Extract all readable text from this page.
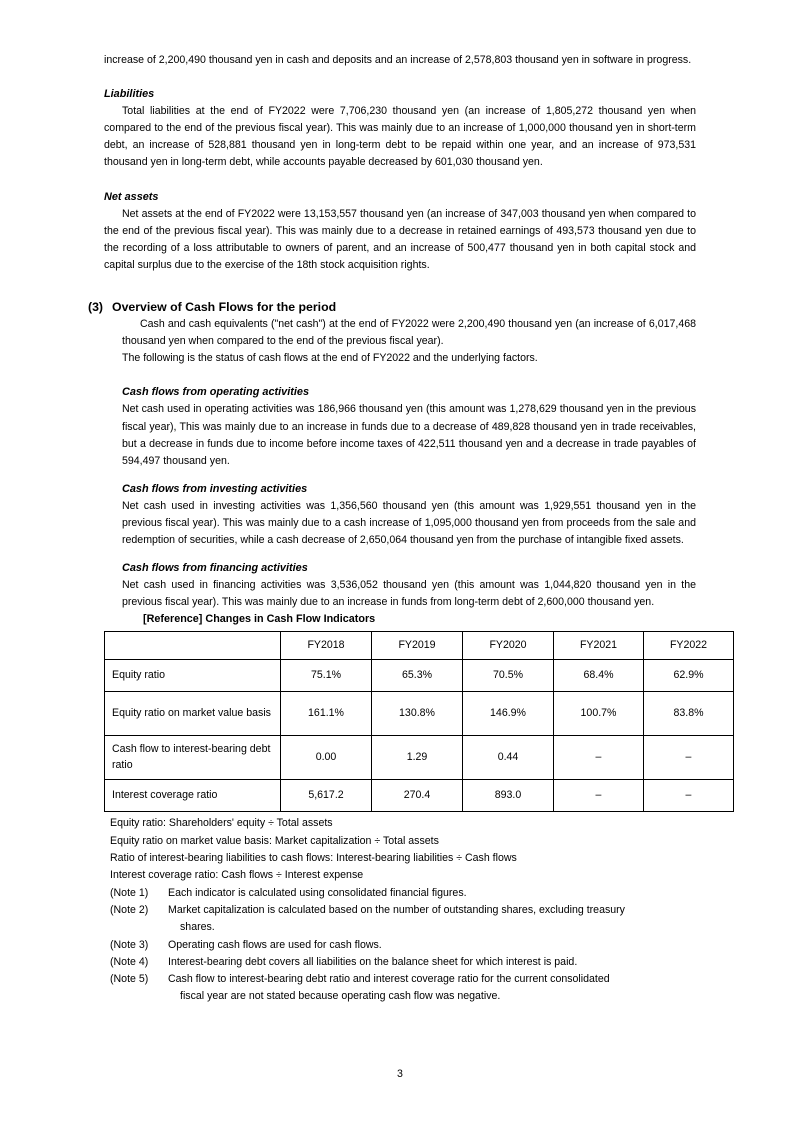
increase of 2,200,490 thousand yen in cash and deposits and an increase of 2,578,803 thousand yen in software in progress.

Liabilities

Total liabilities at the end of FY2022 were 7,706,230 thousand yen (an increase of 1,805,272 thousand yen when compared to the end of the previous fiscal year). This was mainly due to an increase of 1,000,000 thousand yen in short-term debt, an increase of 528,881 thousand yen in long-term debt to be repaid within one year, and an increase of 973,531 thousand yen in long-term debt, while accounts payable decreased by 601,030 thousand yen.

Net assets

Net assets at the end of FY2022 were 13,153,557 thousand yen (an increase of 347,003 thousand yen when compared to the end of the previous fiscal year). This was mainly due to a decrease in retained earnings of 493,573 thousand yen due to the recording of a loss attributable to owners of parent, and an increase of 500,477 thousand yen in both capital stock and capital surplus due to the exercise of the 18th stock acquisition rights.

(3) Overview of Cash Flows for the period

Cash and cash equivalents ("net cash") at the end of FY2022 were 2,200,490 thousand yen (an increase of 6,017,468 thousand yen when compared to the end of the previous fiscal year).

The following is the status of cash flows at the end of FY2022 and the underlying factors.

Cash flows from operating activities

Net cash used in operating activities was 186,966 thousand yen (this amount was 1,278,629 thousand yen in the previous fiscal year), This was mainly due to an increase in funds due to a decrease of 489,828 thousand yen in trade receivables, but a decrease in funds due to income before income taxes of 422,511 thousand yen and a decrease in trade payables of 594,497 thousand yen.

Cash flows from investing activities

Net cash used in investing activities was 1,356,560 thousand yen (this amount was 1,929,551 thousand yen in the previous fiscal year). This was mainly due to a cash increase of 1,095,000 thousand yen from proceeds from the sale and redemption of securities, while a cash decrease of 2,650,064 thousand yen from the purchase of intangible fixed assets.

Cash flows from financing activities

Net cash used in financing activities was 3,536,052 thousand yen (this amount was 1,044,820 thousand yen in the previous fiscal year). This was mainly due to an increase in funds from long-term debt of 2,600,000 thousand yen.

[Reference] Changes in Cash Flow Indicators
	FY2018	FY2019	FY2020	FY2021	FY2022
Equity ratio	75.1%	65.3%	70.5%	68.4%	62.9%
Equity ratio on market value basis	161.1%	130.8%	146.9%	100.7%	83.8%
Cash flow to interest-bearing debt ratio	0.00	1.29	0.44	–	–
Interest coverage ratio	5,617.2	270.4	893.0	–	–
Equity ratio: Shareholders' equity ÷ Total assets
Equity ratio on market value basis: Market capitalization ÷ Total assets
Ratio of interest-bearing liabilities to cash flows: Interest-bearing liabilities ÷ Cash flows
Interest coverage ratio: Cash flows ÷ Interest expense
(Note 1)	Each indicator is calculated using consolidated financial figures.
(Note 2)	Market capitalization is calculated based on the number of outstanding shares, excluding treasury
shares.
(Note 3)	Operating cash flows are used for cash flows.
(Note 4)	Interest-bearing debt covers all liabilities on the balance sheet for which interest is paid.
(Note 5)	Cash flow to interest-bearing debt ratio and interest coverage ratio for the current consolidated
fiscal year are not stated because operating cash flow was negative.
3
